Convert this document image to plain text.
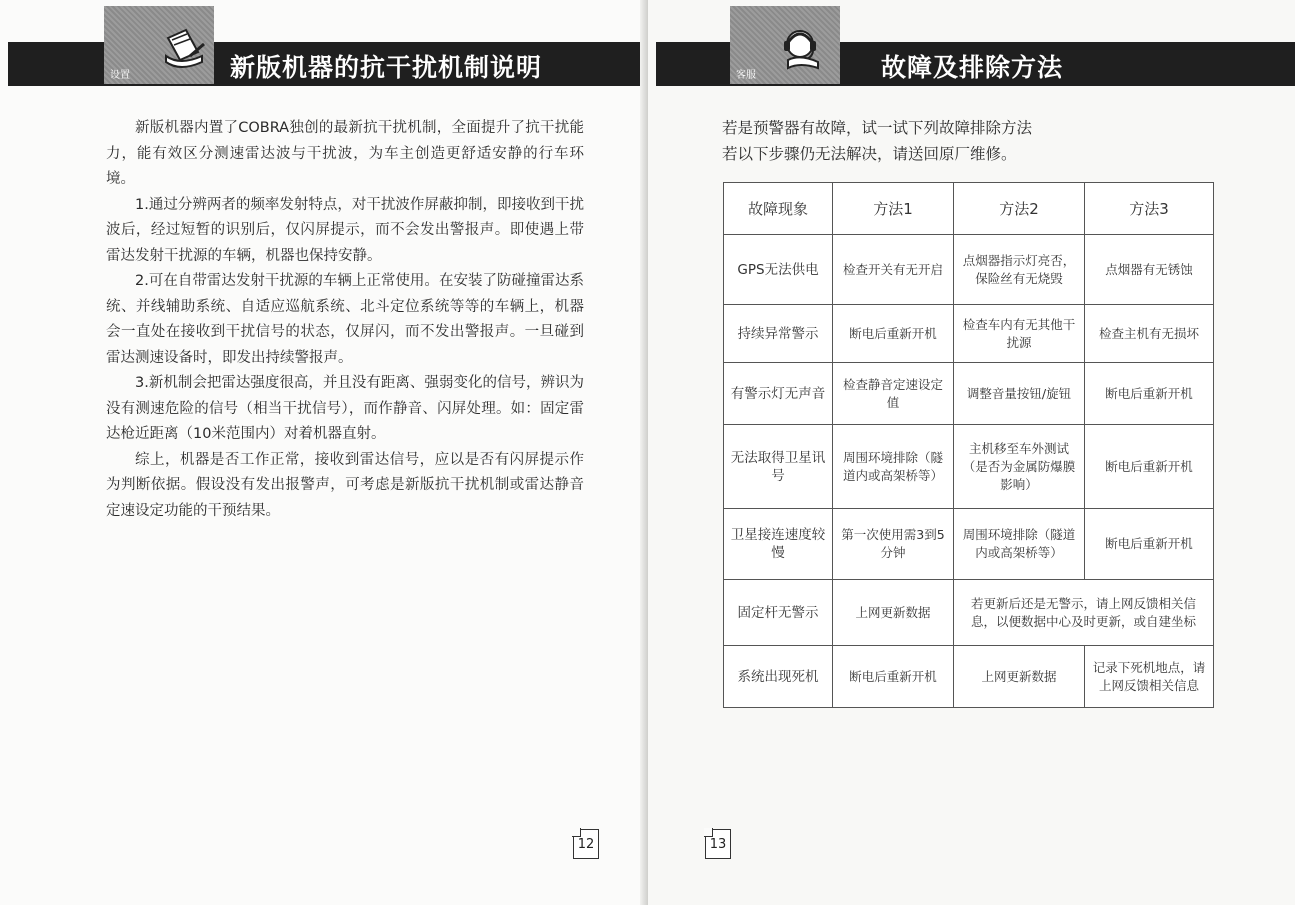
设置	新版机器的抗干扰机制说明

新版机器内置了COBRA独创的最新抗干扰机制，全面提升了抗干扰能力，能有效区分测速雷达波与干扰波，为车主创造更舒适安静的行车环境。

1.通过分辨两者的频率发射特点，对干扰波作屏蔽抑制，即接收到干扰波后，经过短暂的识别后，仅闪屏提示，而不会发出警报声。即使遇上带雷达发射干扰源的车辆，机器也保持安静。

2.可在自带雷达发射干扰源的车辆上正常使用。在安装了防碰撞雷达系统、并线辅助系统、自适应巡航系统、北斗定位系统等等的车辆上，机器会一直处在接收到干扰信号的状态，仅屏闪，而不发出警报声。一旦碰到雷达测速设备时，即发出持续警报声。

3.新机制会把雷达强度很高，并且没有距离、强弱变化的信号，辨识为没有测速危险的信号（相当干扰信号），而作静音、闪屏处理。如：固定雷达枪近距离（10米范围内）对着机器直射。

综上，机器是否工作正常，接收到雷达信号，应以是否有闪屏提示作为判断依据。假设没有发出报警声，可考虑是新版抗干扰机制或雷达静音定速设定功能的干预结果。

12
客服	故障及排除方法
若是预警器有故障，试一试下列故障排除方法
若以下步骤仍无法解决，请送回原厂维修。
故障现象	方法1	方法2	方法3
GPS无法供电	检查开关有无开启	点烟器指示灯亮否，保险丝有无烧毁	点烟器有无锈蚀
持续异常警示	断电后重新开机	检查车内有无其他干扰源	检查主机有无损坏
有警示灯无声音	检查静音定速设定值	调整音量按钮/旋钮	断电后重新开机
无法取得卫星讯号	周围环境排除（隧道内或高架桥等）	主机移至车外测试（是否为金属防爆膜影响）	断电后重新开机
卫星接连速度较慢	第一次使用需3到5分钟	周围环境排除（隧道内或高架桥等）	断电后重新开机
固定杆无警示	上网更新数据	若更新后还是无警示，请上网反馈相关信息，以便数据中心及时更新，或自建坐标	
系统出现死机	断电后重新开机	上网更新数据	记录下死机地点，请上网反馈相关信息
13
